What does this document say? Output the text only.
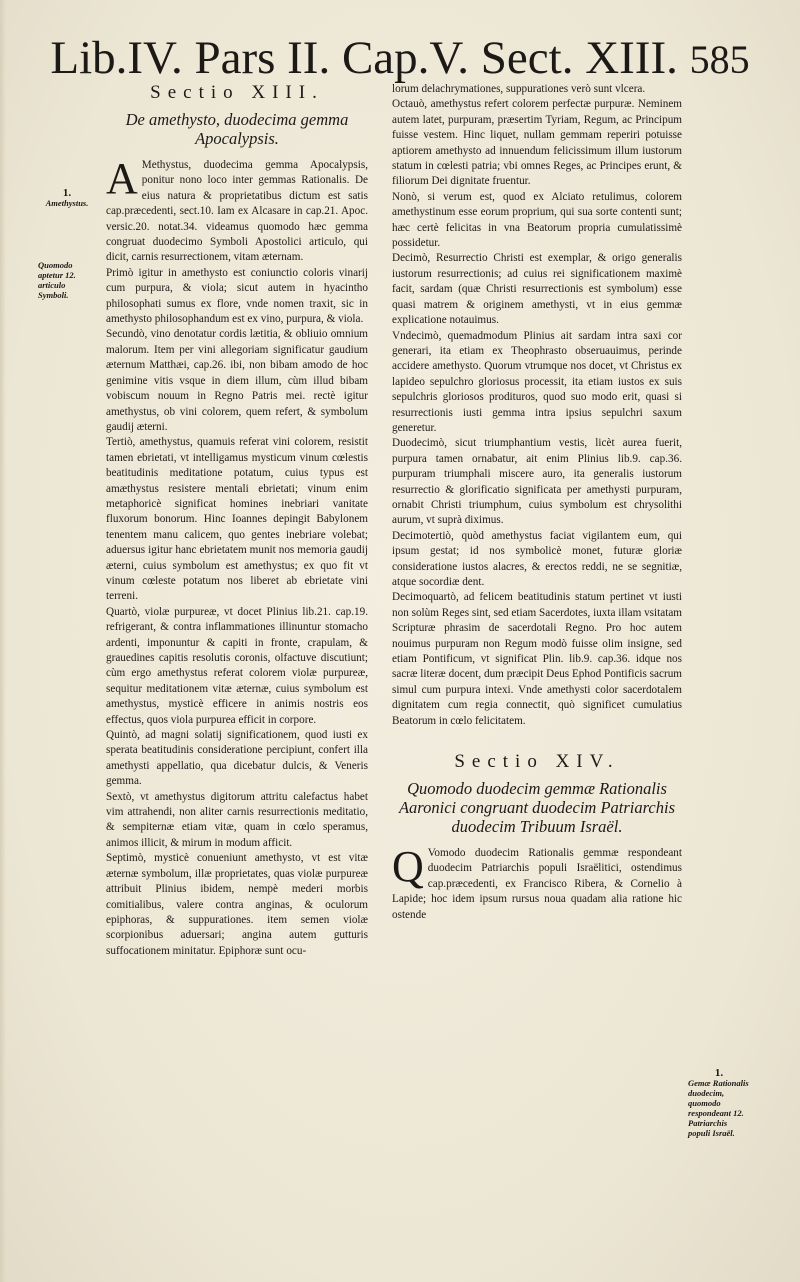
Lib.IV. Pars II. Cap.V. Sect. XIII. 585
1.
Amethystus.
Quomodo aptetur 12. articulo Symboli.
1.
Gemæ Rationalis duodecim, quomodo respondeant 12. Patriarchis populi Israël.
Sectio XIII.
De amethysto, duodecima gemma Apocalypsis.

A Methystus, duodecima gemma Apocalypsis, ponitur nono loco inter gemmas Rationalis. De eius natura & proprietatibus dictum est satis cap.præcedenti, sect.10. Iam ex Alcasare in cap.21. Apoc. versic.20. notat.34. videamus quomodo hæc gemma congruat duodecimo Symboli Apostolici articulo, qui dicit, carnis resurrectionem, vitam æternam.

Primò igitur in amethysto est coniunctio coloris vinarij cum purpura, & viola; sicut autem in hyacintho philosophati sumus ex flore, vnde nomen traxit, sic in amethysto philosophandum est ex vino, purpura, & viola.

Secundò, vino denotatur cordis lætitia, & obliuio omnium malorum. Item per vini allegoriam significatur gaudium æternum Matthæi, cap.26. ibi, non bibam amodo de hoc genimine vitis vsque in diem illum, cùm illud bibam vobiscum nouum in Regno Patris mei. rectè igitur amethystus, ob vini colorem, quem refert, & symbolum gaudij æterni.

Tertiò, amethystus, quamuis referat vini colorem, resistit tamen ebrietati, vt intelligamus mysticum vinum cœlestis beatitudinis meditatione potatum, cuius typus est amæthystus resistere mentali ebrietati; vinum enim metaphoricè significat homines inebriari vanitate fluxorum bonorum. Hinc Ioannes depingit Babylonem tenentem manu calicem, quo gentes inebriare volebat; aduersus igitur hanc ebrietatem munit nos memoria gaudij æterni, cuius symbolum est amethystus; ex quo fit vt vinum cœleste potatum nos liberet ab ebrietate vini terreni.

Quartò, violæ purpureæ, vt docet Plinius lib.21. cap.19. refrigerant, & contra inflammationes illinuntur stomacho ardenti, imponuntur & capiti in fronte, crapulam, & grauedines capitis resolutis coronis, olfactuve discutiunt; cùm ergo amethystus referat colorem violæ purpureæ, sequitur meditationem vitæ æternæ, cuius symbolum est amethystus, mysticè efficere in animis nostris eos effectus, quos viola purpurea efficit in corpore.

Quintò, ad magni solatij significationem, quod iusti ex sperata beatitudinis consideratione percipiunt, confert illa amethysti appellatio, qua dicebatur dulcis, & Veneris gemma.

Sextò, vt amethystus digitorum attritu calefactus habet vim attrahendi, non aliter carnis resurrectionis meditatio, & sempiternæ etiam vitæ, quam in cœlo speramus, animos illicit, & mirum in modum afficit.

Septimò, mysticè conueniunt amethysto, vt est vitæ æternæ symbolum, illæ proprietates, quas violæ purpureæ attribuit Plinius ibidem, nempè mederi morbis comitialibus, valere contra anginas, & oculorum epiphoras, & suppurationes. item semen violæ scorpionibus aduersari; angina autem gutturis suffocationem minitatur. Epiphoræ sunt ocu-

lorum delachrymationes, suppurationes verò sunt vlcera.

Octauò, amethystus refert colorem perfectæ purpuræ. Neminem autem latet, purpuram, præsertim Tyriam, Regum, ac Principum fuisse vestem. Hinc liquet, nullam gemmam reperiri potuisse aptiorem amethysto ad innuendum felicissimum illum iustorum statum in cœlesti patria; vbi omnes Reges, ac Principes erunt, & filiorum Dei dignitate fruentur.

Nonò, si verum est, quod ex Alciato retulimus, colorem amethystinum esse eorum proprium, qui sua sorte contenti sunt; hæc certè felicitas in vna Beatorum propria cumulatissimè possidetur.

Decimò, Resurrectio Christi est exemplar, & origo generalis iustorum resurrectionis; ad cuius rei significationem maximè facit, sardam (quæ Christi resurrectionis est symbolum) esse quasi matrem & originem amethysti, vt in eius gemmæ explicatione notauimus.

Vndecimò, quemadmodum Plinius ait sardam intra saxi cor generari, ita etiam ex Theophrasto obseruauimus, perinde accidere amethysto. Quorum vtrumque nos docet, vt Christus ex lapideo sepulchro gloriosus processit, ita etiam iustos ex suis sepulchris gloriosos prodituros, quod suo modo erit, quasi si resurrectionis iusti gemma intra ipsius sepulchri saxum generetur.

Duodecimò, sicut triumphantium vestis, licèt aurea fuerit, purpura tamen ornabatur, ait enim Plinius lib.9. cap.36. purpuram triumphali miscere auro, ita generalis iustorum resurrectio & glorificatio significata per amethysti purpuram, ornabit Christi triumphum, cuius symbolum est chrysolithi aurum, vt suprà diximus.

Decimotertiò, quòd amethystus faciat vigilantem eum, qui ipsum gestat; id nos symbolicè monet, futuræ gloriæ consideratione iustos alacres, & erectos reddi, ne se segnitiæ, atque socordiæ dent.

Decimoquartò, ad felicem beatitudinis statum pertinet vt iusti non solùm Reges sint, sed etiam Sacerdotes, iuxta illam vsitatam Scripturæ phrasim de sacerdotali Regno. Pro hoc autem nouimus purpuram non Regum modò fuisse olim insigne, sed etiam Pontificum, vt significat Plin. lib.9. cap.36. idque nos sacræ literæ docent, dum præcipit Deus Ephod Pontificis sacrum simul cum purpura intexi. Vnde amethysti color sacerdotalem dignitatem cum regia connectit, quò significet cumulatius Beatorum in cœlo felicitatem.

Sectio XIV.
Quomodo duodecim gemmæ Rationalis Aaronici congruant duodecim Patriarchis duodecim Tribuum Israël.

Q Vomodo duodecim Rationalis gemmæ respondeant duodecim Patriarchis populi Israëlitici, ostendimus cap.præcedenti, ex Francisco Ribera, & Cornelio à Lapide; hoc idem ipsum rursus noua quadam alia ratione hic ostende
